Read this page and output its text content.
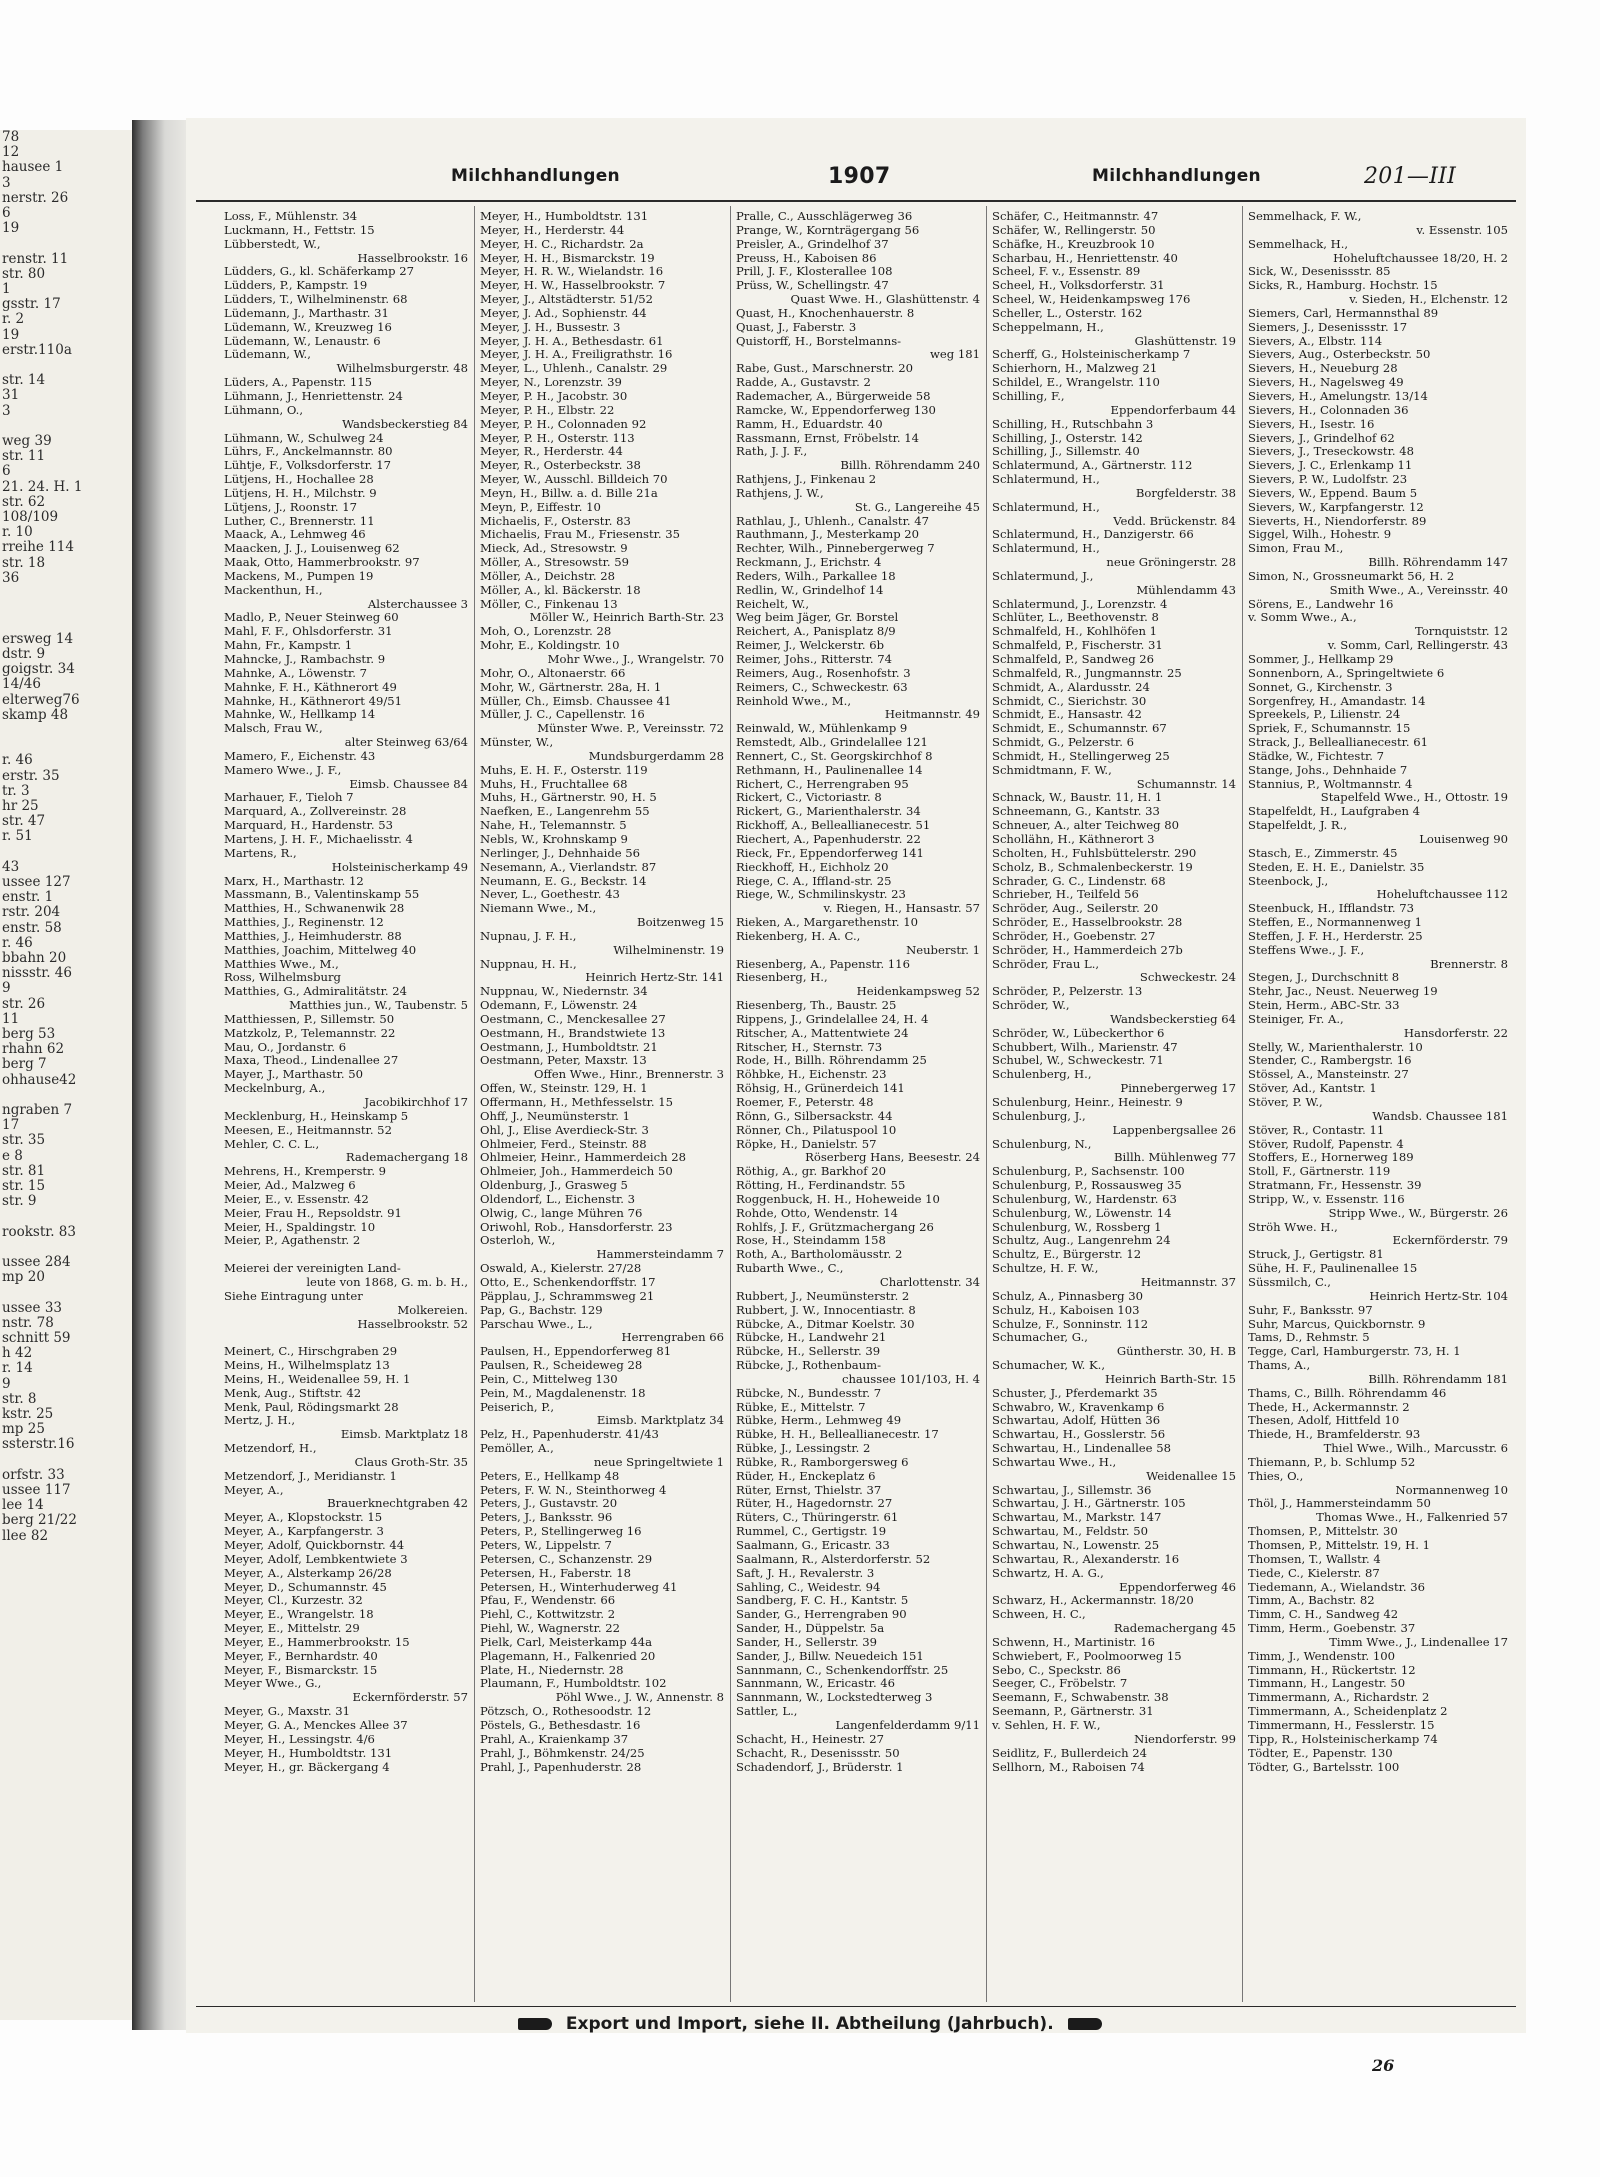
78
12
hausee 1
3
nerstr. 26
6
19

renstr. 11
str. 80
1
gsstr. 17
r. 2
19
erstr.110a

str. 14
31
3

weg 39
str. 11
6
21. 24. H. 1
str. 62
108/109
r. 10
rreihe 114
str. 18
36

ersweg 14
dstr. 9
goigstr. 34
14/46
elterweg76
skamp 48

r. 46
erstr. 35
tr. 3
hr 25
str. 47
r. 51

43
ussee 127
enstr. 1
rstr. 204
enstr. 58
r. 46
bbahn 20
nissstr. 46
9
str. 26
11
berg 53
rhahn 62
berg 7
ohhause42

ngraben 7
17
str. 35
e 8
str. 81
str. 15
str. 9

rookstr. 83

ussee 284
mp 20

ussee 33
nstr. 78
schnitt 59
h 42
r. 14
9
str. 8
kstr. 25
mp 25
ssterstr.16

orfstr. 33
ussee 117
lee 14
berg 21/22
llee 82
Milchhandlungen	1907	Milchhandlungen	201—III
Loss, F., Mühlenstr. 34
Luckmann, H., Fettstr. 15
Lübberstedt, W.,
Hasselbrookstr. 16
Lüdders, G., kl. Schäferkamp 27
Lüdders, P., Kampstr. 19
Lüdders, T., Wilhelminenstr. 68
Lüdemann, J., Marthastr. 31
Lüdemann, W., Kreuzweg 16
Lüdemann, W., Lenaustr. 6
Lüdemann, W.,
Wilhelmsburgerstr. 48
Lüders, A., Papenstr. 115
Lühmann, J., Henriettenstr. 24
Lühmann, O.,
Wandsbeckerstieg 84
Lühmann, W., Schulweg 24
Lührs, F., Anckelmannstr. 80
Lühtje, F., Volksdorferstr. 17
Lütjens, H., Hochallee 28
Lütjens, H. H., Milchstr. 9
Lütjens, J., Roonstr. 17
Luther, C., Brennerstr. 11
Maack, A., Lehmweg 46
Maacken, J. J., Louisenweg 62
Maak, Otto, Hammerbrookstr. 97
Mackens, M., Pumpen 19
Mackenthun, H.,
Alsterchaussee 3
Madlo, P., Neuer Steinweg 60
Mahl, F. F., Ohlsdorferstr. 31
Mahn, Fr., Kampstr. 1
Mahncke, J., Rambachstr. 9
Mahnke, A., Löwenstr. 7
Mahnke, F. H., Käthnerort 49
Mahnke, H., Käthnerort 49/51
Mahnke, W., Hellkamp 14
Malsch, Frau W.,
alter Steinweg 63/64
Mamero, F., Eichenstr. 43
Mamero Wwe., J. F.,
Eimsb. Chaussee 84
Marhauer, F., Tieloh 7
Marquard, A., Zollvereinstr. 28
Marquard, H., Hardenstr. 53
Martens, J. H. F., Michaelisstr. 4
Martens, R.,
Holsteinischerkamp 49
Marx, H., Marthastr. 12
Massmann, B., Valentinskamp 55
Matthies, H., Schwanenwik 28
Matthies, J., Reginenstr. 12
Matthies, J., Heimhuderstr. 88
Matthies, Joachim, Mittelweg 40
Matthies Wwe., M.,
Ross, Wilhelmsburg
Matthies, G., Admiralitätstr. 24
Matthies jun., W., Taubenstr. 5
Matthiessen, P., Sillemstr. 50
Matzkolz, P., Telemannstr. 22
Mau, O., Jordanstr. 6
Maxa, Theod., Lindenallee 27
Mayer, J., Marthastr. 50
Meckelnburg, A.,
Jacobikirchhof 17
Mecklenburg, H., Heinskamp 5
Meesen, E., Heitmannstr. 52
Mehler, C. C. L.,
Rademachergang 18
Mehrens, H., Kremperstr. 9
Meier, Ad., Malzweg 6
Meier, E., v. Essenstr. 42
Meier, Frau H., Repsoldstr. 91
Meier, H., Spaldingstr. 10
Meier, P., Agathenstr. 2

Meierei der vereinigten Land-
leute von 1868, G. m. b. H.,
Siehe Eintragung unter
Molkereien.
Hasselbrookstr. 52

Meinert, C., Hirschgraben 29
Meins, H., Wilhelmsplatz 13
Meins, H., Weidenallee 59, H. 1
Menk, Aug., Stiftstr. 42
Menk, Paul, Rödingsmarkt 28
Mertz, J. H.,
Eimsb. Marktplatz 18
Metzendorf, H.,
Claus Groth-Str. 35
Metzendorf, J., Meridianstr. 1
Meyer, A.,
Brauerknechtgraben 42
Meyer, A., Klopstockstr. 15
Meyer, A., Karpfangerstr. 3
Meyer, Adolf, Quickbornstr. 44
Meyer, Adolf, Lembkentwiete 3
Meyer, A., Alsterkamp 26/28
Meyer, D., Schumannstr. 45
Meyer, Cl., Kurzestr. 32
Meyer, E., Wrangelstr. 18
Meyer, E., Mittelstr. 29
Meyer, E., Hammerbrookstr. 15
Meyer, F., Bernhardstr. 40
Meyer, F., Bismarckstr. 15
Meyer Wwe., G.,
Eckernförderstr. 57
Meyer, G., Maxstr. 31
Meyer, G. A., Menckes Allee 37
Meyer, H., Lessingstr. 4/6
Meyer, H., Humboldtstr. 131
Meyer, H., gr. Bäckergang 4
Meyer, H., Humboldtstr. 131
Meyer, H., Herderstr. 44
Meyer, H. C., Richardstr. 2a
Meyer, H. H., Bismarckstr. 19
Meyer, H. R. W., Wielandstr. 16
Meyer, H. W., Hasselbrookstr. 7
Meyer, J., Altstädterstr. 51/52
Meyer, J. Ad., Sophienstr. 44
Meyer, J. H., Bussestr. 3
Meyer, J. H. A., Bethesdastr. 61
Meyer, J. H. A., Freiligrathstr. 16
Meyer, L., Uhlenh., Canalstr. 29
Meyer, N., Lorenzstr. 39
Meyer, P. H., Jacobstr. 30
Meyer, P. H., Elbstr. 22
Meyer, P. H., Colonnaden 92
Meyer, P. H., Osterstr. 113
Meyer, R., Herderstr. 44
Meyer, R., Osterbeckstr. 38
Meyer, W., Ausschl. Billdeich 70
Meyn, H., Billw. a. d. Bille 21a
Meyn, P., Eiffestr. 10
Michaelis, F., Osterstr. 83
Michaelis, Frau M., Friesenstr. 35
Mieck, Ad., Stresowstr. 9
Möller, A., Stresowstr. 59
Möller, A., Deichstr. 28
Möller, A., kl. Bäckerstr. 18
Möller, C., Finkenau 13
Möller W., Heinrich Barth-Str. 23
Moh, O., Lorenzstr. 28
Mohr, E., Koldingstr. 10
Mohr Wwe., J., Wrangelstr. 70
Mohr, O., Altonaerstr. 66
Mohr, W., Gärtnerstr. 28a, H. 1
Müller, Ch., Eimsb. Chaussee 41
Müller, J. C., Capellenstr. 16
Münster Wwe. P., Vereinsstr. 72
Münster, W.,
Mundsburgerdamm 28
Muhs, E. H. F., Osterstr. 119
Muhs, H., Fruchtallee 68
Muhs, H., Gärtnerstr. 90, H. 5
Naefken, E., Langenrehm 55
Nahe, H., Telemannstr. 5
Nebls, W., Krohnskamp 9
Nerlinger, J., Dehnhaide 56
Nesemann, A., Vierlandstr. 87
Neumann, E. G., Beckstr. 14
Never, L., Goethestr. 43
Niemann Wwe., M.,
Boitzenweg 15
Nupnau, J. F. H.,
Wilhelminenstr. 19
Nuppnau, H. H.,
Heinrich Hertz-Str. 141
Nuppnau, W., Niedernstr. 34
Odemann, F., Löwenstr. 24
Oestmann, C., Menckesallee 27
Oestmann, H., Brandstwiete 13
Oestmann, J., Humboldtstr. 21
Oestmann, Peter, Maxstr. 13
Offen Wwe., Hinr., Brennerstr. 3
Offen, W., Steinstr. 129, H. 1
Offermann, H., Methfesselstr. 15
Ohff, J., Neumünsterstr. 1
Ohl, J., Elise Averdieck-Str. 3
Ohlmeier, Ferd., Steinstr. 88
Ohlmeier, Heinr., Hammerdeich 28
Ohlmeier, Joh., Hammerdeich 50
Oldenburg, J., Grasweg 5
Oldendorf, L., Eichenstr. 3
Olwig, C., lange Mühren 76
Oriwohl, Rob., Hansdorferstr. 23
Osterloh, W.,
Hammersteindamm 7
Oswald, A., Kielerstr. 27/28
Otto, E., Schenkendorffstr. 17
Päpplau, J., Schrammsweg 21
Pap, G., Bachstr. 129
Parschau Wwe., L.,
Herrengraben 66
Paulsen, H., Eppendorferweg 81
Paulsen, R., Scheideweg 28
Pein, C., Mittelweg 130
Pein, M., Magdalenenstr. 18
Peiserich, P.,
Eimsb. Marktplatz 34
Pelz, H., Papenhuderstr. 41/43
Pemöller, A.,
neue Springeltwiete 1
Peters, E., Hellkamp 48
Peters, F. W. N., Steinthorweg 4
Peters, J., Gustavstr. 20
Peters, J., Banksstr. 96
Peters, P., Stellingerweg 16
Peters, W., Lippelstr. 7
Petersen, C., Schanzenstr. 29
Petersen, H., Faberstr. 18
Petersen, H., Winterhuderweg 41
Pfau, F., Wendenstr. 66
Piehl, C., Kottwitzstr. 2
Piehl, W., Wagnerstr. 22
Pielk, Carl, Meisterkamp 44a
Plagemann, H., Falkenried 20
Plate, H., Niedernstr. 28
Plaumann, F., Humboldtstr. 102
Pöhl Wwe., J. W., Annenstr. 8
Pötzsch, O., Rothesoodstr. 12
Pöstels, G., Bethesdastr. 16
Prahl, A., Kraienkamp 37
Prahl, J., Böhmkenstr. 24/25
Prahl, J., Papenhuderstr. 28
Pralle, C., Ausschlägerweg 36
Prange, W., Kornträgergang 56
Preisler, A., Grindelhof 37
Preuss, H., Kaboisen 86
Prill, J. F., Klosterallee 108
Prüss, W., Schellingstr. 47
Quast Wwe. H., Glashüttenstr. 4
Quast, H., Knochenhauerstr. 8
Quast, J., Faberstr. 3
Quistorff, H., Borstelmanns-
weg 181
Rabe, Gust., Marschnerstr. 20
Radde, A., Gustavstr. 2
Rademacher, A., Bürgerweide 58
Ramcke, W., Eppendorferweg 130
Ramm, H., Eduardstr. 40
Rassmann, Ernst, Fröbelstr. 14
Rath, J. J. F.,
Billh. Röhrendamm 240
Rathjens, J., Finkenau 2
Rathjens, J. W.,
St. G., Langereihe 45
Rathlau, J., Uhlenh., Canalstr. 47
Rauthmann, J., Mesterkamp 20
Rechter, Wilh., Pinnebergerweg 7
Reckmann, J., Erichstr. 4
Reders, Wilh., Parkallee 18
Redlin, W., Grindelhof 14
Reichelt, W.,
Weg beim Jäger, Gr. Borstel
Reichert, A., Panisplatz 8/9
Reimer, J., Welckerstr. 6b
Reimer, Johs., Ritterstr. 74
Reimers, Aug., Rosenhofstr. 3
Reimers, C., Schweckestr. 63
Reinhold Wwe., M.,
Heitmannstr. 49
Reinwald, W., Mühlenkamp 9
Remstedt, Alb., Grindelallee 121
Rennert, C., St. Georgskirchhof 8
Rethmann, H., Paulinenallee 14
Richert, C., Herrengraben 95
Rickert, C., Victoriastr. 8
Rickert, G., Marienthalerstr. 34
Rickhoff, A., Belleallianecestr. 51
Riechert, A., Papenhuderstr. 22
Rieck, Fr., Eppendorferweg 141
Rieckhoff, H., Eichholz 20
Riege, C. A., Iffland-str. 25
Riege, W., Schmilinskystr. 23
v. Riegen, H., Hansastr. 57
Rieken, A., Margarethenstr. 10
Riekenberg, H. A. C.,
Neuberstr. 1
Riesenberg, A., Papenstr. 116
Riesenberg, H.,
Heidenkampsweg 52
Riesenberg, Th., Baustr. 25
Rippens, J., Grindelallee 24, H. 4
Ritscher, A., Mattentwiete 24
Ritscher, H., Sternstr. 73
Rode, H., Billh. Röhrendamm 25
Röhbke, H., Eichenstr. 23
Röhsig, H., Grünerdeich 141
Roemer, F., Peterstr. 48
Rönn, G., Silbersackstr. 44
Rönner, Ch., Pilatuspool 10
Röpke, H., Danielstr. 57
Röserberg Hans, Beesestr. 24
Röthig, A., gr. Barkhof 20
Rötting, H., Ferdinandstr. 55
Roggenbuck, H. H., Hoheweide 10
Rohde, Otto, Wendenstr. 14
Rohlfs, J. F., Grützmachergang 26
Rose, H., Steindamm 158
Roth, A., Bartholomäusstr. 2
Rubarth Wwe., C.,
Charlottenstr. 34
Rubbert, J., Neumünsterstr. 2
Rubbert, J. W., Innocentiastr. 8
Rübcke, A., Ditmar Koelstr. 30
Rübcke, H., Landwehr 21
Rübcke, H., Sellerstr. 39
Rübcke, J., Rothenbaum-
chaussee 101/103, H. 4
Rübcke, N., Bundesstr. 7
Rübke, E., Mittelstr. 7
Rübke, Herm., Lehmweg 49
Rübke, H. H., Belleallianecestr. 17
Rübke, J., Lessingstr. 2
Rübke, R., Ramborgersweg 6
Rüder, H., Enckeplatz 6
Rüter, Ernst, Thielstr. 37
Rüter, H., Hagedornstr. 27
Rüters, C., Thüringerstr. 61
Rummel, C., Gertigstr. 19
Saalmann, G., Ericastr. 33
Saalmann, R., Alsterdorferstr. 52
Saft, J. H., Revalerstr. 3
Sahling, C., Weidestr. 94
Sandberg, F. C. H., Kantstr. 5
Sander, G., Herrengraben 90
Sander, H., Düppelstr. 5a
Sander, H., Sellerstr. 39
Sander, J., Billw. Neuedeich 151
Sannmann, C., Schenkendorffstr. 25
Sannmann, W., Ericastr. 46
Sannmann, W., Lockstedterweg 3
Sattler, L.,
Langenfelderdamm 9/11
Schacht, H., Heinestr. 27
Schacht, R., Desenissstr. 50
Schadendorf, J., Brüderstr. 1
Schäfer, C., Heitmannstr. 47
Schäfer, W., Rellingerstr. 50
Schäfke, H., Kreuzbrook 10
Scharbau, H., Henriettenstr. 40
Scheel, F. v., Essenstr. 89
Scheel, H., Volksdorferstr. 31
Scheel, W., Heidenkampsweg 176
Scheller, L., Osterstr. 162
Scheppelmann, H.,
Glashüttenstr. 19
Scherff, G., Holsteinischerkamp 7
Schierhorn, H., Malzweg 21
Schildel, E., Wrangelstr. 110
Schilling, F.,
Eppendorferbaum 44
Schilling, H., Rutschbahn 3
Schilling, J., Osterstr. 142
Schilling, J., Sillemstr. 40
Schlatermund, A., Gärtnerstr. 112
Schlatermund, H.,
Borgfelderstr. 38
Schlatermund, H.,
Vedd. Brückenstr. 84
Schlatermund, H., Danzigerstr. 66
Schlatermund, H.,
neue Gröningerstr. 28
Schlatermund, J.,
Mühlendamm 43
Schlatermund, J., Lorenzstr. 4
Schlüter, L., Beethovenstr. 8
Schmalfeld, H., Kohlhöfen 1
Schmalfeld, P., Fischerstr. 31
Schmalfeld, P., Sandweg 26
Schmalfeld, R., Jungmannstr. 25
Schmidt, A., Alardusstr. 24
Schmidt, C., Sierichstr. 30
Schmidt, E., Hansastr. 42
Schmidt, E., Schumannstr. 67
Schmidt, G., Pelzerstr. 6
Schmidt, H., Stellingerweg 25
Schmidtmann, F. W.,
Schumannstr. 14
Schnack, W., Baustr. 11, H. 1
Schneemann, G., Kantstr. 33
Schneuer, A., alter Teichweg 80
Schollähn, H., Käthnerort 3
Scholten, H., Fuhlsbüttelerstr. 290
Scholz, B., Schmalenbeckerstr. 19
Schrader, G. C., Lindenstr. 68
Schrieber, H., Teilfeld 56
Schröder, Aug., Seilerstr. 20
Schröder, E., Hasselbrookstr. 28
Schröder, H., Goebenstr. 27
Schröder, H., Hammerdeich 27b
Schröder, Frau L.,
Schweckestr. 24
Schröder, P., Pelzerstr. 13
Schröder, W.,
Wandsbeckerstieg 64
Schröder, W., Lübeckerthor 6
Schubbert, Wilh., Marienstr. 47
Schubel, W., Schweckestr. 71
Schulenberg, H.,
Pinnebergerweg 17
Schulenburg, Heinr., Heinestr. 9
Schulenburg, J.,
Lappenbergsallee 26
Schulenburg, N.,
Billh. Mühlenweg 77
Schulenburg, P., Sachsenstr. 100
Schulenburg, P., Rossausweg 35
Schulenburg, W., Hardenstr. 63
Schulenburg, W., Löwenstr. 14
Schulenburg, W., Rossberg 1
Schultz, Aug., Langenrehm 24
Schultz, E., Bürgerstr. 12
Schultze, H. F. W.,
Heitmannstr. 37
Schulz, A., Pinnasberg 30
Schulz, H., Kaboisen 103
Schulze, F., Sonninstr. 112
Schumacher, G.,
Güntherstr. 30, H. B
Schumacher, W. K.,
Heinrich Barth-Str. 15
Schuster, J., Pferdemarkt 35
Schwabro, W., Kravenkamp 6
Schwartau, Adolf, Hütten 36
Schwartau, H., Gosslerstr. 56
Schwartau, H., Lindenallee 58
Schwartau Wwe., H.,
Weidenallee 15
Schwartau, J., Sillemstr. 36
Schwartau, J. H., Gärtnerstr. 105
Schwartau, M., Markstr. 147
Schwartau, M., Feldstr. 50
Schwartau, N., Lowenstr. 25
Schwartau, R., Alexanderstr. 16
Schwartz, H. A. G.,
Eppendorferweg 46
Schwarz, H., Ackermannstr. 18/20
Schween, H. C.,
Rademachergang 45
Schwenn, H., Martinistr. 16
Schwiebert, F., Poolmoorweg 15
Sebo, C., Speckstr. 86
Seeger, C., Fröbelstr. 7
Seemann, F., Schwabenstr. 38
Seemann, P., Gärtnerstr. 31
v. Sehlen, H. F. W.,
Niendorferstr. 99
Seidlitz, F., Bullerdeich 24
Sellhorn, M., Raboisen 74
Semmelhack, F. W.,
v. Essenstr. 105
Semmelhack, H.,
Hoheluftchaussee 18/20, H. 2
Sick, W., Desenissstr. 85
Sicks, R., Hamburg. Hochstr. 15
v. Sieden, H., Elchenstr. 12
Siemers, Carl, Hermannsthal 89
Siemers, J., Desenissstr. 17
Sievers, A., Elbstr. 114
Sievers, Aug., Osterbeckstr. 50
Sievers, H., Neueburg 28
Sievers, H., Nagelsweg 49
Sievers, H., Amelungstr. 13/14
Sievers, H., Colonnaden 36
Sievers, H., Isestr. 16
Sievers, J., Grindelhof 62
Sievers, J., Treseckowstr. 48
Sievers, J. C., Erlenkamp 11
Sievers, P. W., Ludolfstr. 23
Sievers, W., Eppend. Baum 5
Sievers, W., Karpfangerstr. 12
Sieverts, H., Niendorferstr. 89
Siggel, Wilh., Hohestr. 9
Simon, Frau M.,
Billh. Röhrendamm 147
Simon, N., Grossneumarkt 56, H. 2
Smith Wwe., A., Vereinsstr. 40
Sörens, E., Landwehr 16
v. Somm Wwe., A.,
Tornquiststr. 12
v. Somm, Carl, Rellingerstr. 43
Sommer, J., Hellkamp 29
Sonnenborn, A., Springeltwiete 6
Sonnet, G., Kirchenstr. 3
Sorgenfrey, H., Amandastr. 14
Spreekels, P., Lilienstr. 24
Spriek, F., Schumannstr. 15
Strack, J., Belleallianecestr. 61
Städke, W., Fichtestr. 7
Stange, Johs., Dehnhaide 7
Stannius, P., Woltmannstr. 4
Stapelfeld Wwe., H., Ottostr. 19
Stapelfeldt, H., Laufgraben 4
Stapelfeldt, J. R.,
Louisenweg 90
Stasch, E., Zimmerstr. 45
Steden, E. H. E., Danielstr. 35
Steenbock, J.,
Hoheluftchaussee 112
Steenbuck, H., Ifflandstr. 73
Steffen, E., Normannenweg 1
Steffen, J. F. H., Herderstr. 25
Steffens Wwe., J. F.,
Brennerstr. 8
Stegen, J., Durchschnitt 8
Stehr, Jac., Neust. Neuerweg 19
Stein, Herm., ABC-Str. 33
Steiniger, Fr. A.,
Hansdorferstr. 22
Stelly, W., Marienthalerstr. 10
Stender, C., Rambergstr. 16
Stössel, A., Mansteinstr. 27
Stöver, Ad., Kantstr. 1
Stöver, P. W.,
Wandsb. Chaussee 181
Stöver, R., Contastr. 11
Stöver, Rudolf, Papenstr. 4
Stoffers, E., Hornerweg 189
Stoll, F., Gärtnerstr. 119
Stratmann, Fr., Hessenstr. 39
Stripp, W., v. Essenstr. 116
Stripp Wwe., W., Bürgerstr. 26
Ströh Wwe. H.,
Eckernförderstr. 79
Struck, J., Gertigstr. 81
Sühe, H. F., Paulinenallee 15
Süssmilch, C.,
Heinrich Hertz-Str. 104
Suhr, F., Banksstr. 97
Suhr, Marcus, Quickbornstr. 9
Tams, D., Rehmstr. 5
Tegge, Carl, Hamburgerstr. 73, H. 1
Thams, A.,
Billh. Röhrendamm 181
Thams, C., Billh. Röhrendamm 46
Thede, H., Ackermannstr. 2
Thesen, Adolf, Hittfeld 10
Thiede, H., Bramfelderstr. 93
Thiel Wwe., Wilh., Marcusstr. 6
Thiemann, P., b. Schlump 52
Thies, O.,
Normannenweg 10
Thöl, J., Hammersteindamm 50
Thomas Wwe., H., Falkenried 57
Thomsen, P., Mittelstr. 30
Thomsen, P., Mittelstr. 19, H. 1
Thomsen, T., Wallstr. 4
Tiede, C., Kielerstr. 87
Tiedemann, A., Wielandstr. 36
Timm, A., Bachstr. 82
Timm, C. H., Sandweg 42
Timm, Herm., Goebenstr. 37
Timm Wwe., J., Lindenallee 17
Timm, J., Wendenstr. 100
Timmann, H., Rückertstr. 12
Timmann, H., Langestr. 50
Timmermann, A., Richardstr. 2
Timmermann, A., Scheidenplatz 2
Timmermann, H., Fesslerstr. 15
Tipp, R., Holsteinischerkamp 74
Tödter, E., Papenstr. 130
Tödter, G., Bartelsstr. 100
Export und Import, siehe II. Abtheilung (Jahrbuch).
26
